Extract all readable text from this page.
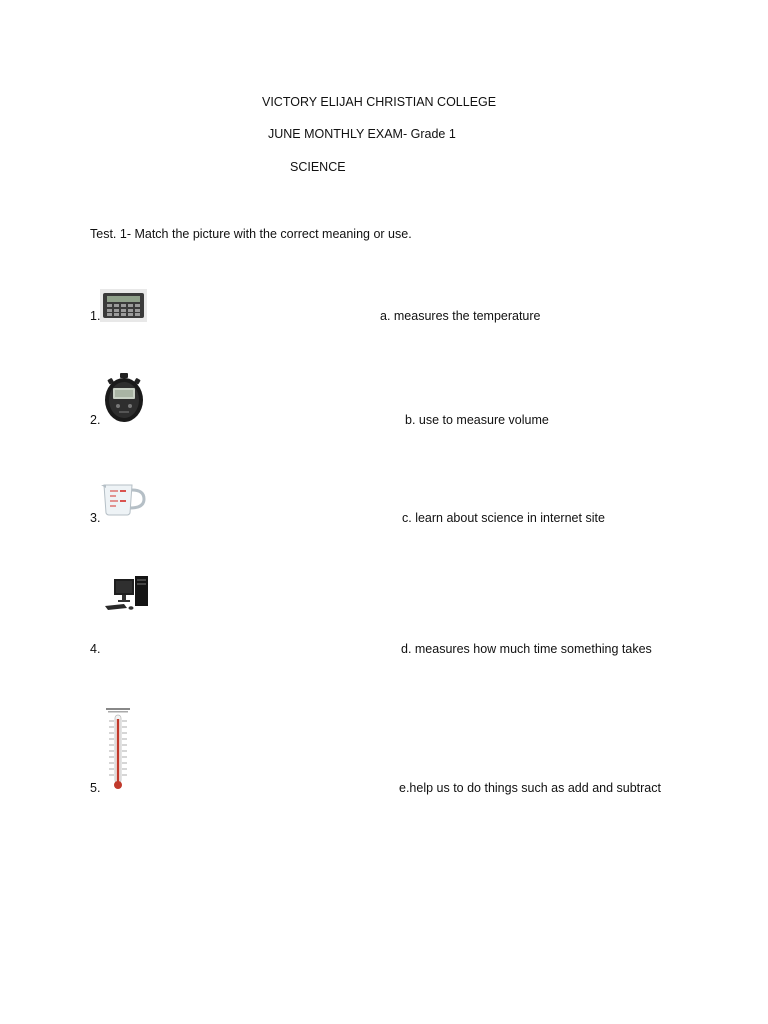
VICTORY ELIJAH CHRISTIAN COLLEGE
JUNE MONTHLY EXAM- Grade 1
SCIENCE
Test. 1- Match the picture with the correct meaning or use.
1.	a. measures the temperature
2.	b. use to measure volume
3.	c. learn about science in internet site
4.	d. measures how much time something takes
5.	e.help us to do things such as add and subtract
